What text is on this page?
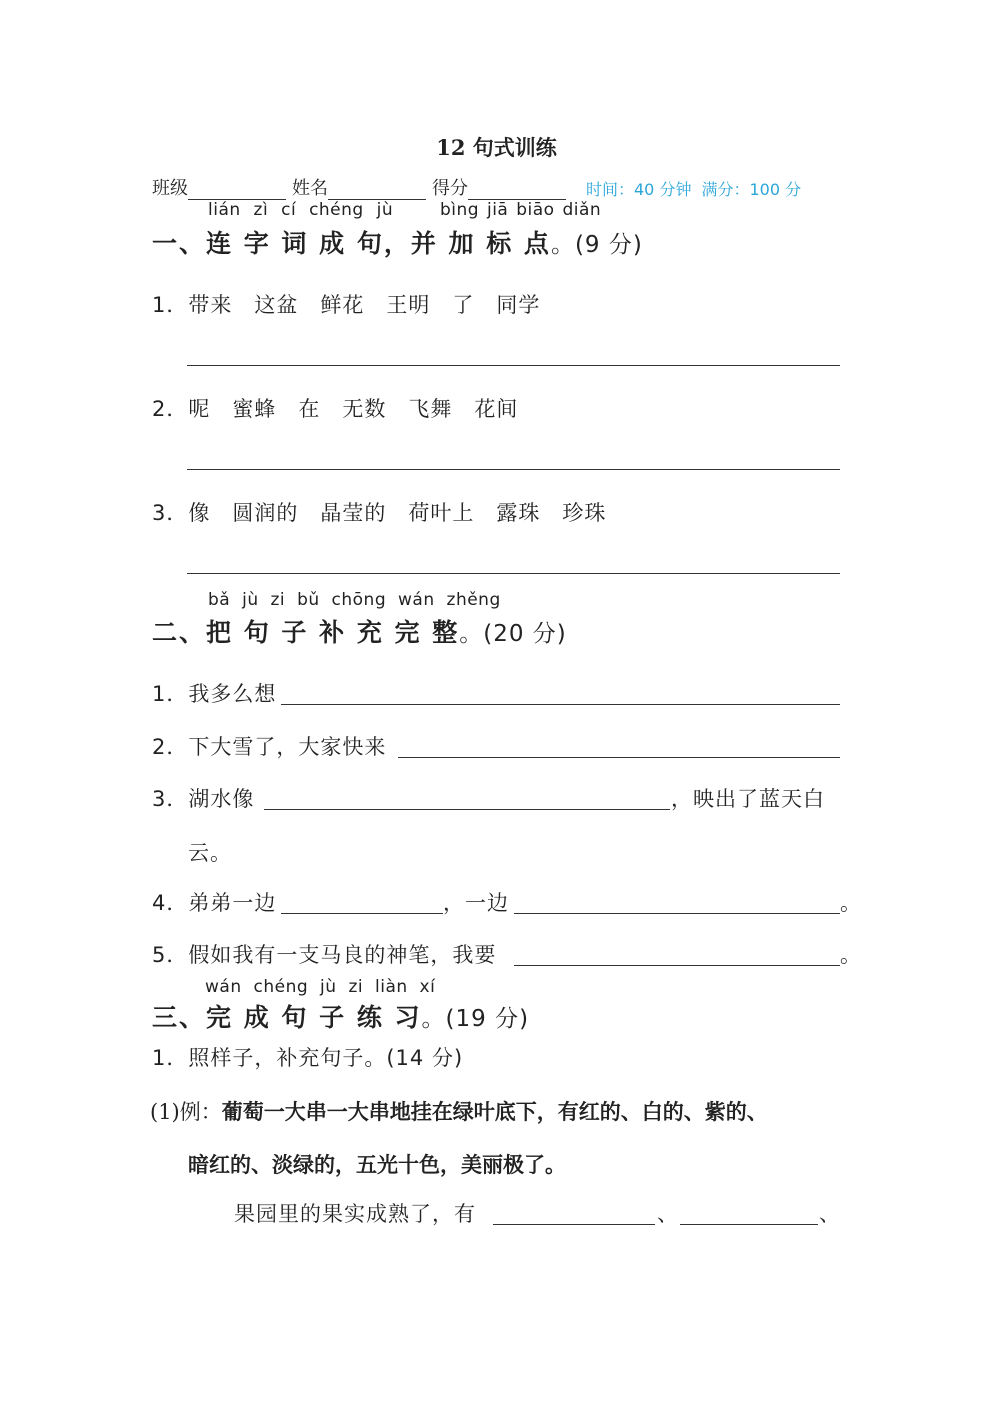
12 句式训练
班级	姓名	得分	时间：40 分钟 满分：100 分
lián zì cí chéng jù	bìng jiā biāo diǎn
一、连 字 词 成 句，并 加 标 点。(9 分)
1．带来　这盆　鲜花　王明　了　同学
2．呢　蜜蜂　在　无数　飞舞　花间
3．像　圆润的　晶莹的　荷叶上　露珠　珍珠
bǎ jù zi bǔ chōng wán zhěng
二、把 句 子 补 充 完 整。(20 分)
1．我多么想
2．下大雪了，大家快来
3．湖水像	，映出了蓝天白
云。
4．弟弟一边	，一边	。
5．假如我有一支马良的神笔，我要	。
wán chéng jù zi liàn xí
三、完 成 句 子 练 习。(19 分)
1．照样子，补充句子。(14 分)
(1)例：葡萄一大串一大串地挂在绿叶底下，有红的、白的、紫的、
暗红的、淡绿的，五光十色，美丽极了。
果园里的果实成熟了，有	、	、
